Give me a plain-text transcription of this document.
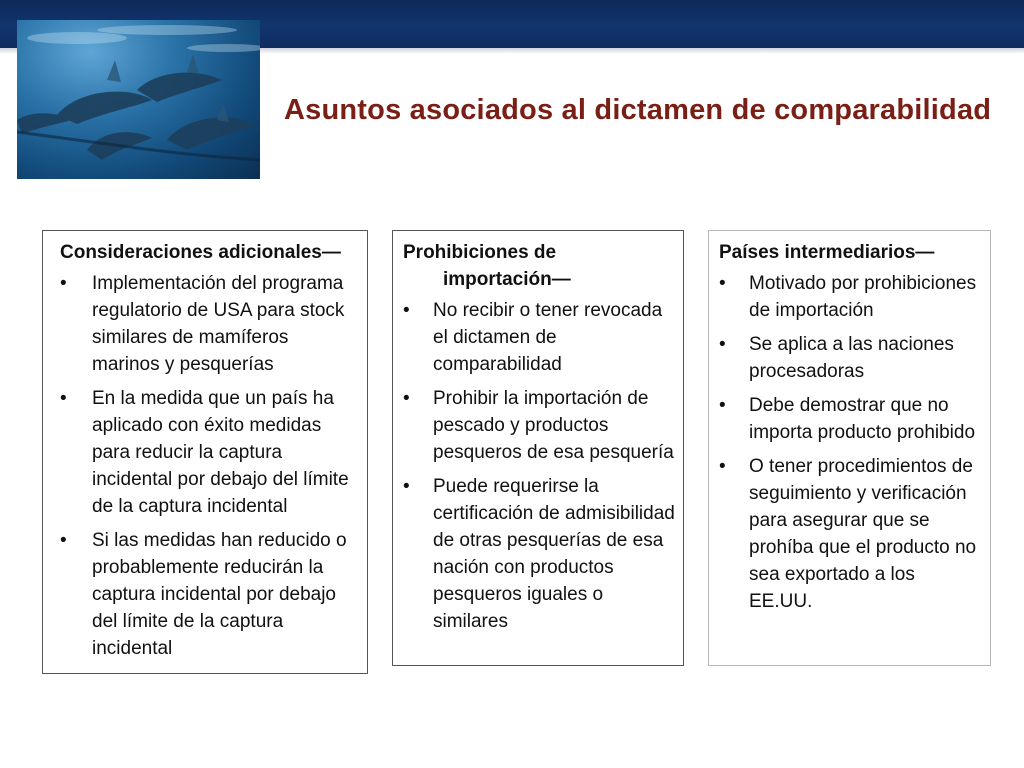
Asuntos asociados al dictamen de comparabilidad
Consideraciones adicionales—
• Implementación del programa regulatorio de USA para stock similares de mamíferos marinos y pesquerías
• En la medida que un país ha aplicado con éxito medidas para reducir la captura incidental por debajo del límite de la captura incidental
• Si las medidas han reducido o probablemente reducirán la captura incidental por debajo del límite de la captura incidental
Prohibiciones de
importación—
• No recibir o tener revocada el dictamen de comparabilidad
• Prohibir la importación de pescado y productos pesqueros de esa pesquería
• Puede requerirse la certificación de admisibilidad de otras pesquerías de esa nación con productos pesqueros iguales o similares
Países intermediarios—
• Motivado por prohibiciones de importación
• Se aplica a las naciones procesadoras
• Debe demostrar que no importa producto prohibido
• O tener procedimientos de seguimiento y verificación para asegurar que se prohíba que el producto no sea exportado a los EE.UU.
